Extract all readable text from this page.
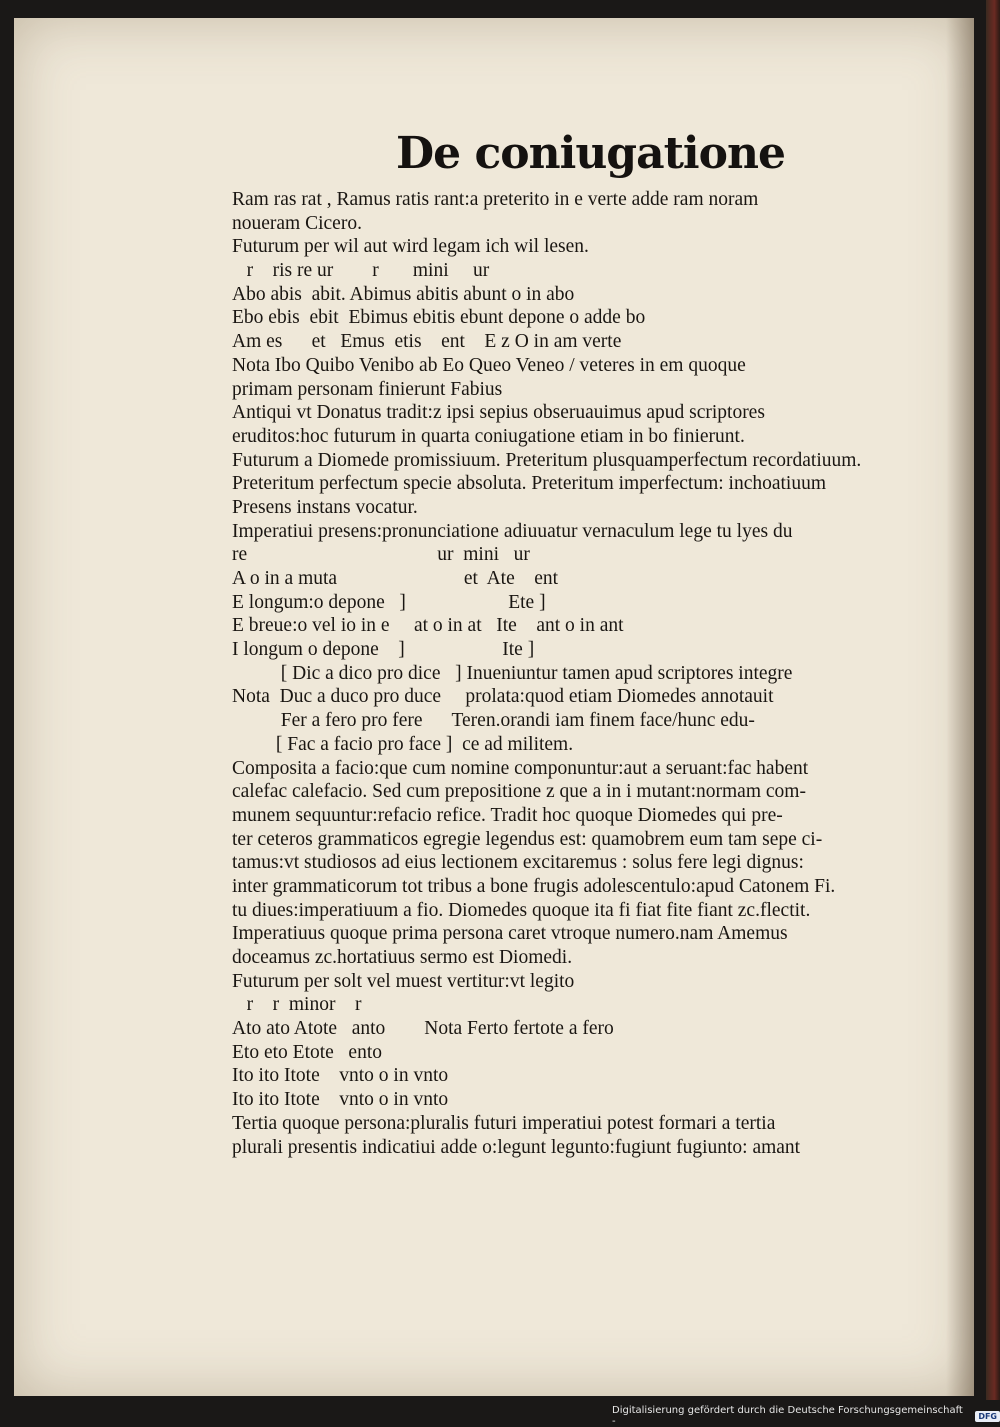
De coniugatione

Ram ras rat , Ramus ratis rant:a preterito in e verte adde ram noram

noueram Cicero.

Futurum per wil aut wird legam ich wil lesen.

r    ris re ur        r       mini     ur

Abo abis  abit. Abimus abitis abunt o in abo

Ebo ebis  ebit  Ebimus ebitis ebunt depone o adde bo

Am es      et   Emus  etis    ent    E z O in am verte

Nota Ibo Quibo Venibo ab Eo Queo Veneo / veteres in em quoque

primam personam finierunt Fabius

Antiqui vt Donatus tradit:z ipsi sepius obseruauimus apud scriptores

eruditos:hoc futurum in quarta coniugatione etiam in bo finierunt.

Futurum a Diomede promissiuum. Preteritum plusquamperfectum recordatiuum.

Preteritum perfectum specie absoluta. Preteritum imperfectum: inchoatiuum

Presens instans vocatur.

Imperatiui presens:pronunciatione adiuuatur vernaculum lege tu lyes du

re                                       ur  mini   ur

A o in a muta                          et  Ate    ent

E longum:o depone   ]                     Ete ]

E breue:o vel io in e     at o in at   Ite    ant o in ant

I longum o depone    ]                    Ite ]

[ Dic a dico pro dice   ] Inueniuntur tamen apud scriptores integre

Nota  Duc a duco pro duce     prolata:quod etiam Diomedes annotauit

Fer a fero pro fere      Teren.orandi iam finem face/hunc edu-

[ Fac a facio pro face ]  ce ad militem.

Composita a facio:que cum nomine componuntur:aut a seruant:fac habent

calefac calefacio. Sed cum prepositione z que a in i mutant:normam com-

munem sequuntur:refacio refice. Tradit hoc quoque Diomedes qui pre-

ter ceteros grammaticos egregie legendus est: quamobrem eum tam sepe ci-

tamus:vt studiosos ad eius lectionem excitaremus : solus fere legi dignus:

inter grammaticorum tot tribus a bone frugis adolescentulo:apud Catonem Fi.

tu diues:imperatiuum a fio. Diomedes quoque ita fi fiat fite fiant zc.flectit.

Imperatiuus quoque prima persona caret vtroque numero.nam Amemus

doceamus zc.hortatiuus sermo est Diomedi.

Futurum per solt vel muest vertitur:vt legito

r    r  minor    r

Ato ato Atote   anto        Nota Ferto fertote a fero

Eto eto Etote   ento

Ito ito Itote    vnto o in vnto

Ito ito Itote    vnto o in vnto

Tertia quoque persona:pluralis futuri imperatiui potest formari a tertia

plurali presentis indicatiui adde o:legunt legunto:fugiunt fugiunto: amant

Digitalisierung gefördert durch die Deutsche Forschungsgemeinschaft -	DFG
